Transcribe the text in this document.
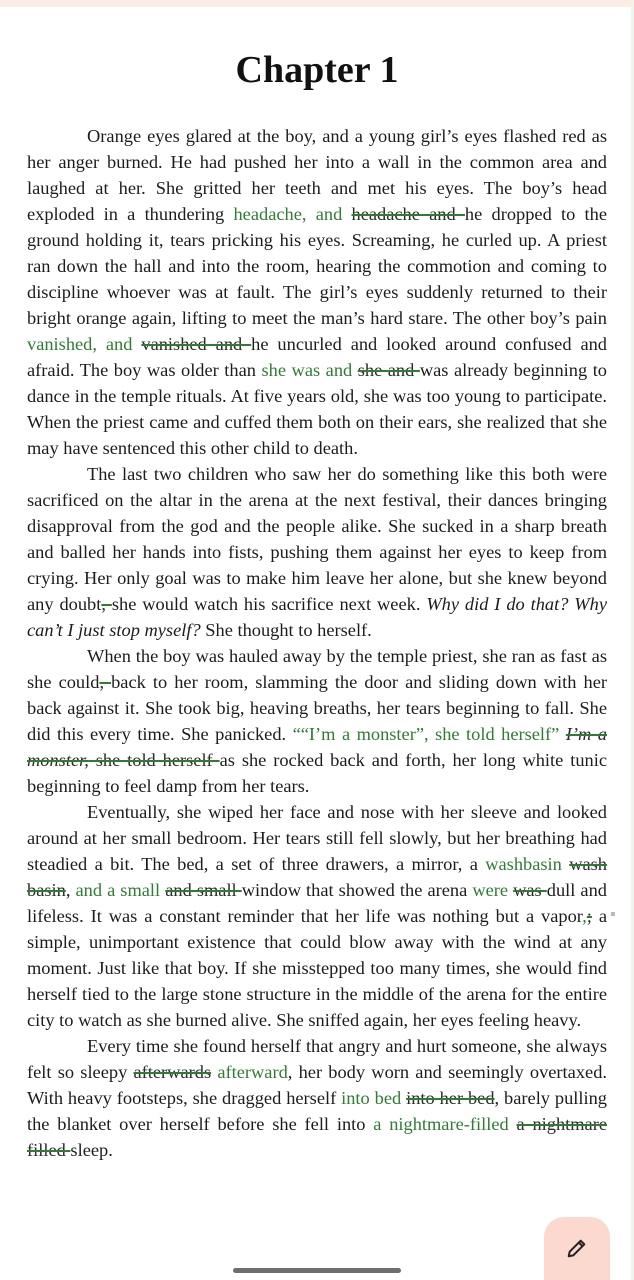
Chapter 1

Orange eyes glared at the boy, and a young girl’s eyes flashed red as her anger burned. He had pushed her into a wall in the common area and laughed at her. She gritted her teeth and met his eyes. The boy’s head exploded in a thundering headache, and headache and he dropped to the ground holding it, tears pricking his eyes. Screaming, he curled up. A priest ran down the hall and into the room, hearing the commotion and coming to discipline whoever was at fault. The girl’s eyes suddenly returned to their bright orange again, lifting to meet the man’s hard stare. The other boy’s pain vanished, and vanished and he uncurled and looked around confused and afraid. The boy was older than she was and she and was already beginning to dance in the temple rituals. At five years old, she was too young to participate. When the priest came and cuffed them both on their ears, she realized that she may have sentenced this other child to death.

The last two children who saw her do something like this both were sacrificed on the altar in the arena at the next festival, their dances bringing disapproval from the god and the people alike. She sucked in a sharp breath and balled her hands into fists, pushing them against her eyes to keep from crying. Her only goal was to make him leave her alone, but she knew beyond any doubt, she would watch his sacrifice next week. Why did I do that? Why can’t I just stop myself? She thought to herself.

When the boy was hauled away by the temple priest, she ran as fast as she could, back to her room, slamming the door and sliding down with her back against it. She took big, heaving breaths, her tears beginning to fall. She did this every time. She panicked. ““I’m a monster”, she told herself” I’m a monster, she told herself as she rocked back and forth, her long white tunic beginning to feel damp from her tears.

Eventually, she wiped her face and nose with her sleeve and looked around at her small bedroom. Her tears still fell slowly, but her breathing had steadied a bit. The bed, a set of three drawers, a mirror, a washbasin wash basin, and a small and small window that showed the arena were was dull and lifeless. It was a constant reminder that her life was nothing but a vapor,; a simple, unimportant existence that could blow away with the wind at any moment. Just like that boy. If she misstepped too many times, she would find herself tied to the large stone structure in the middle of the arena for the entire city to watch as she burned alive. She sniffed again, her eyes feeling heavy.

Every time she found herself that angry and hurt someone, she always felt so sleepy afterwards afterward, her body worn and seemingly overtaxed. With heavy footsteps, she dragged herself into bed into her bed, barely pulling the blanket over herself before she fell into a nightmare-filled a nightmare filled sleep.
